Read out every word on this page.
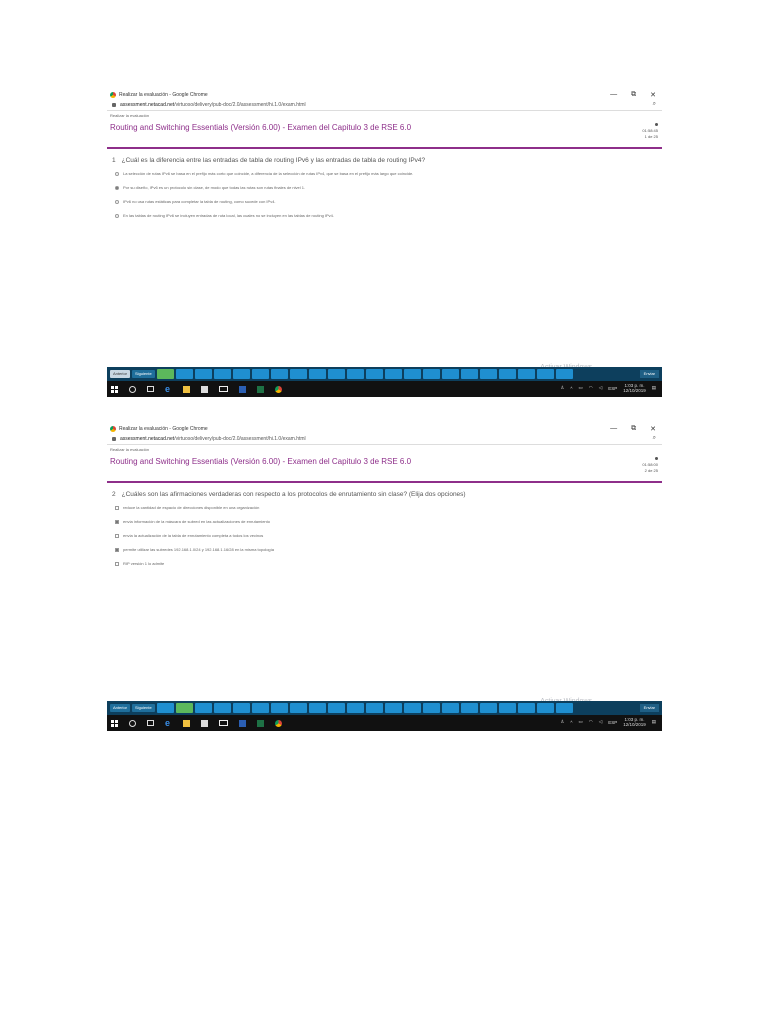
Realizar la evaluación - Google Chrome	— ⧉ ✕
assessment.netacad.net /virtuoso/delivery/pub-doc/2.0/assessment/hi.1.0/exam.html	⌕
Realizar la evaluación
Routing and Switching Essentials (Versión 6.00) - Examen del Capitulo 3 de RSE 6.0	01:58:45
1 de 25
1 ¿Cuál es la diferencia entre las entradas de tabla de routing IPv6 y las entradas de tabla de routing IPv4?
La selección de rutas IPv6 se basa en el prefijo más corto que coincide, a diferencia de la selección de rutas IPv4, que se basa en el prefijo más largo que coincide.
Por su diseño, IPv6 es un protocolo sin clase, de modo que todas las rutas son rutas finales de nivel 1.
IPv6 no usa rutas estáticas para completar la tabla de routing, como sucede con IPv4.
En las tablas de routing IPv6 se incluyen entradas de ruta local, las cuales no se incluyen en las tablas de routing IPv4.
Anterior	Siguiente	Enviar
e	♙ ^ ▭ ◠ ◁ ESP 1:03 p. m.
12/10/2019
▤
Realizar la evaluación - Google Chrome	— ⧉ ✕
assessment.netacad.net /virtuoso/delivery/pub-doc/2.0/assessment/hi.1.0/exam.html	⌕
Realizar la evaluación
Routing and Switching Essentials (Versión 6.00) - Examen del Capitulo 3 de RSE 6.0	01:58:00
2 de 25
2 ¿Cuáles son las afirmaciones verdaderas con respecto a los protocolos de enrutamiento sin clase? (Elija dos opciones)
reduce la cantidad de espacio de direcciones disponible en una organización
envía información de la máscara de subred en las actualizaciones de enrutamiento
envía la actualización de la tabla de enrutamiento completa a todos los vecinos
permite utilizar las subredes 192.168.1.0/24 y 192.168.1.16/28 en la misma topología
RIP versión 1 lo admite
Anterior	Siguiente	Enviar
e	♙ ^ ▭ ◠ ◁ ESP 1:03 p. m.
12/10/2019
▤
